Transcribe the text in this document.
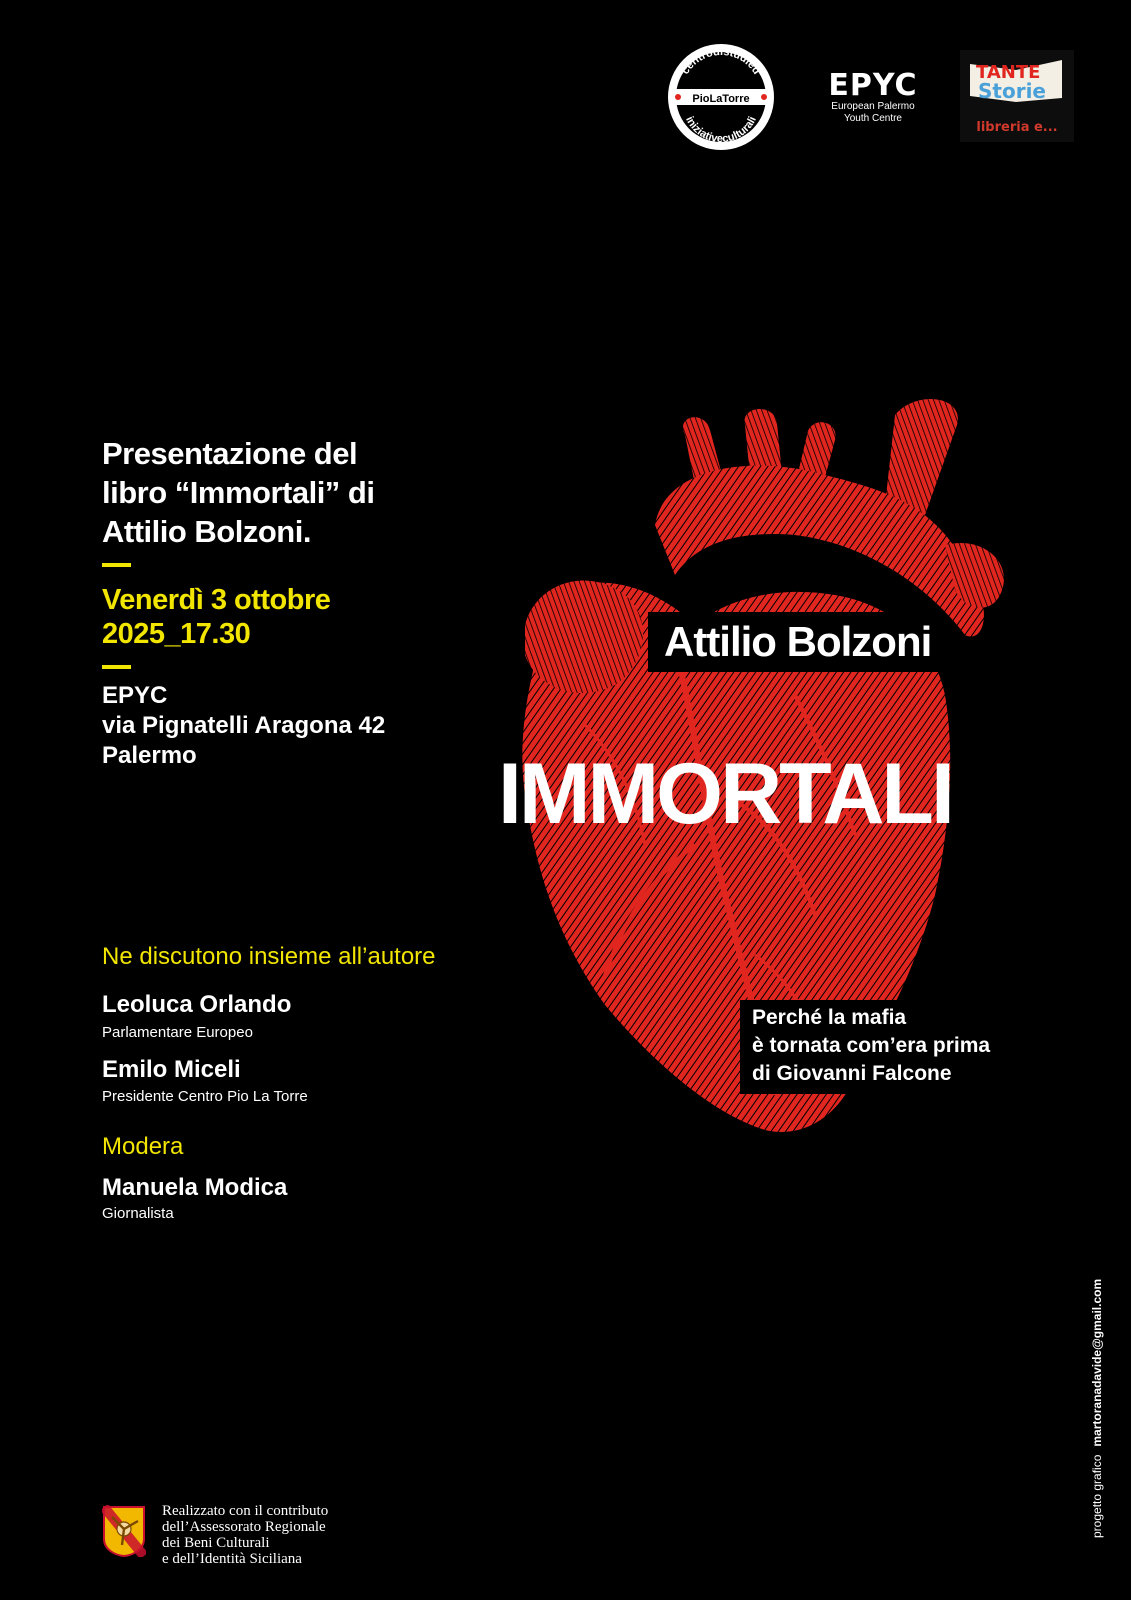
PioLaTorre
centrodistudied
iniziativeculturali
EPYC
European Palermo
Youth Centre
TANTE
Storie
libreria e...
Presentazione del
libro “Immortali” di
Attilio Bolzoni.
Venerdì 3 ottobre
2025_17.30
EPYC
via Pignatelli Aragona 42
Palermo
Ne discutono insieme all’autore
Leoluca Orlando
Parlamentare Europeo
Emilo Miceli
Presidente Centro Pio La Torre
Modera
Manuela Modica
Giornalista
Attilio Bolzoni
IMMORTALI
Perché la mafia
è tornata com’era prima
di Giovanni Falcone
Realizzato con il contributo
dell’Assessorato Regionale
dei Beni Culturali
e dell’Identità Siciliana
progetto graficomartoranadavide@gmail.com
